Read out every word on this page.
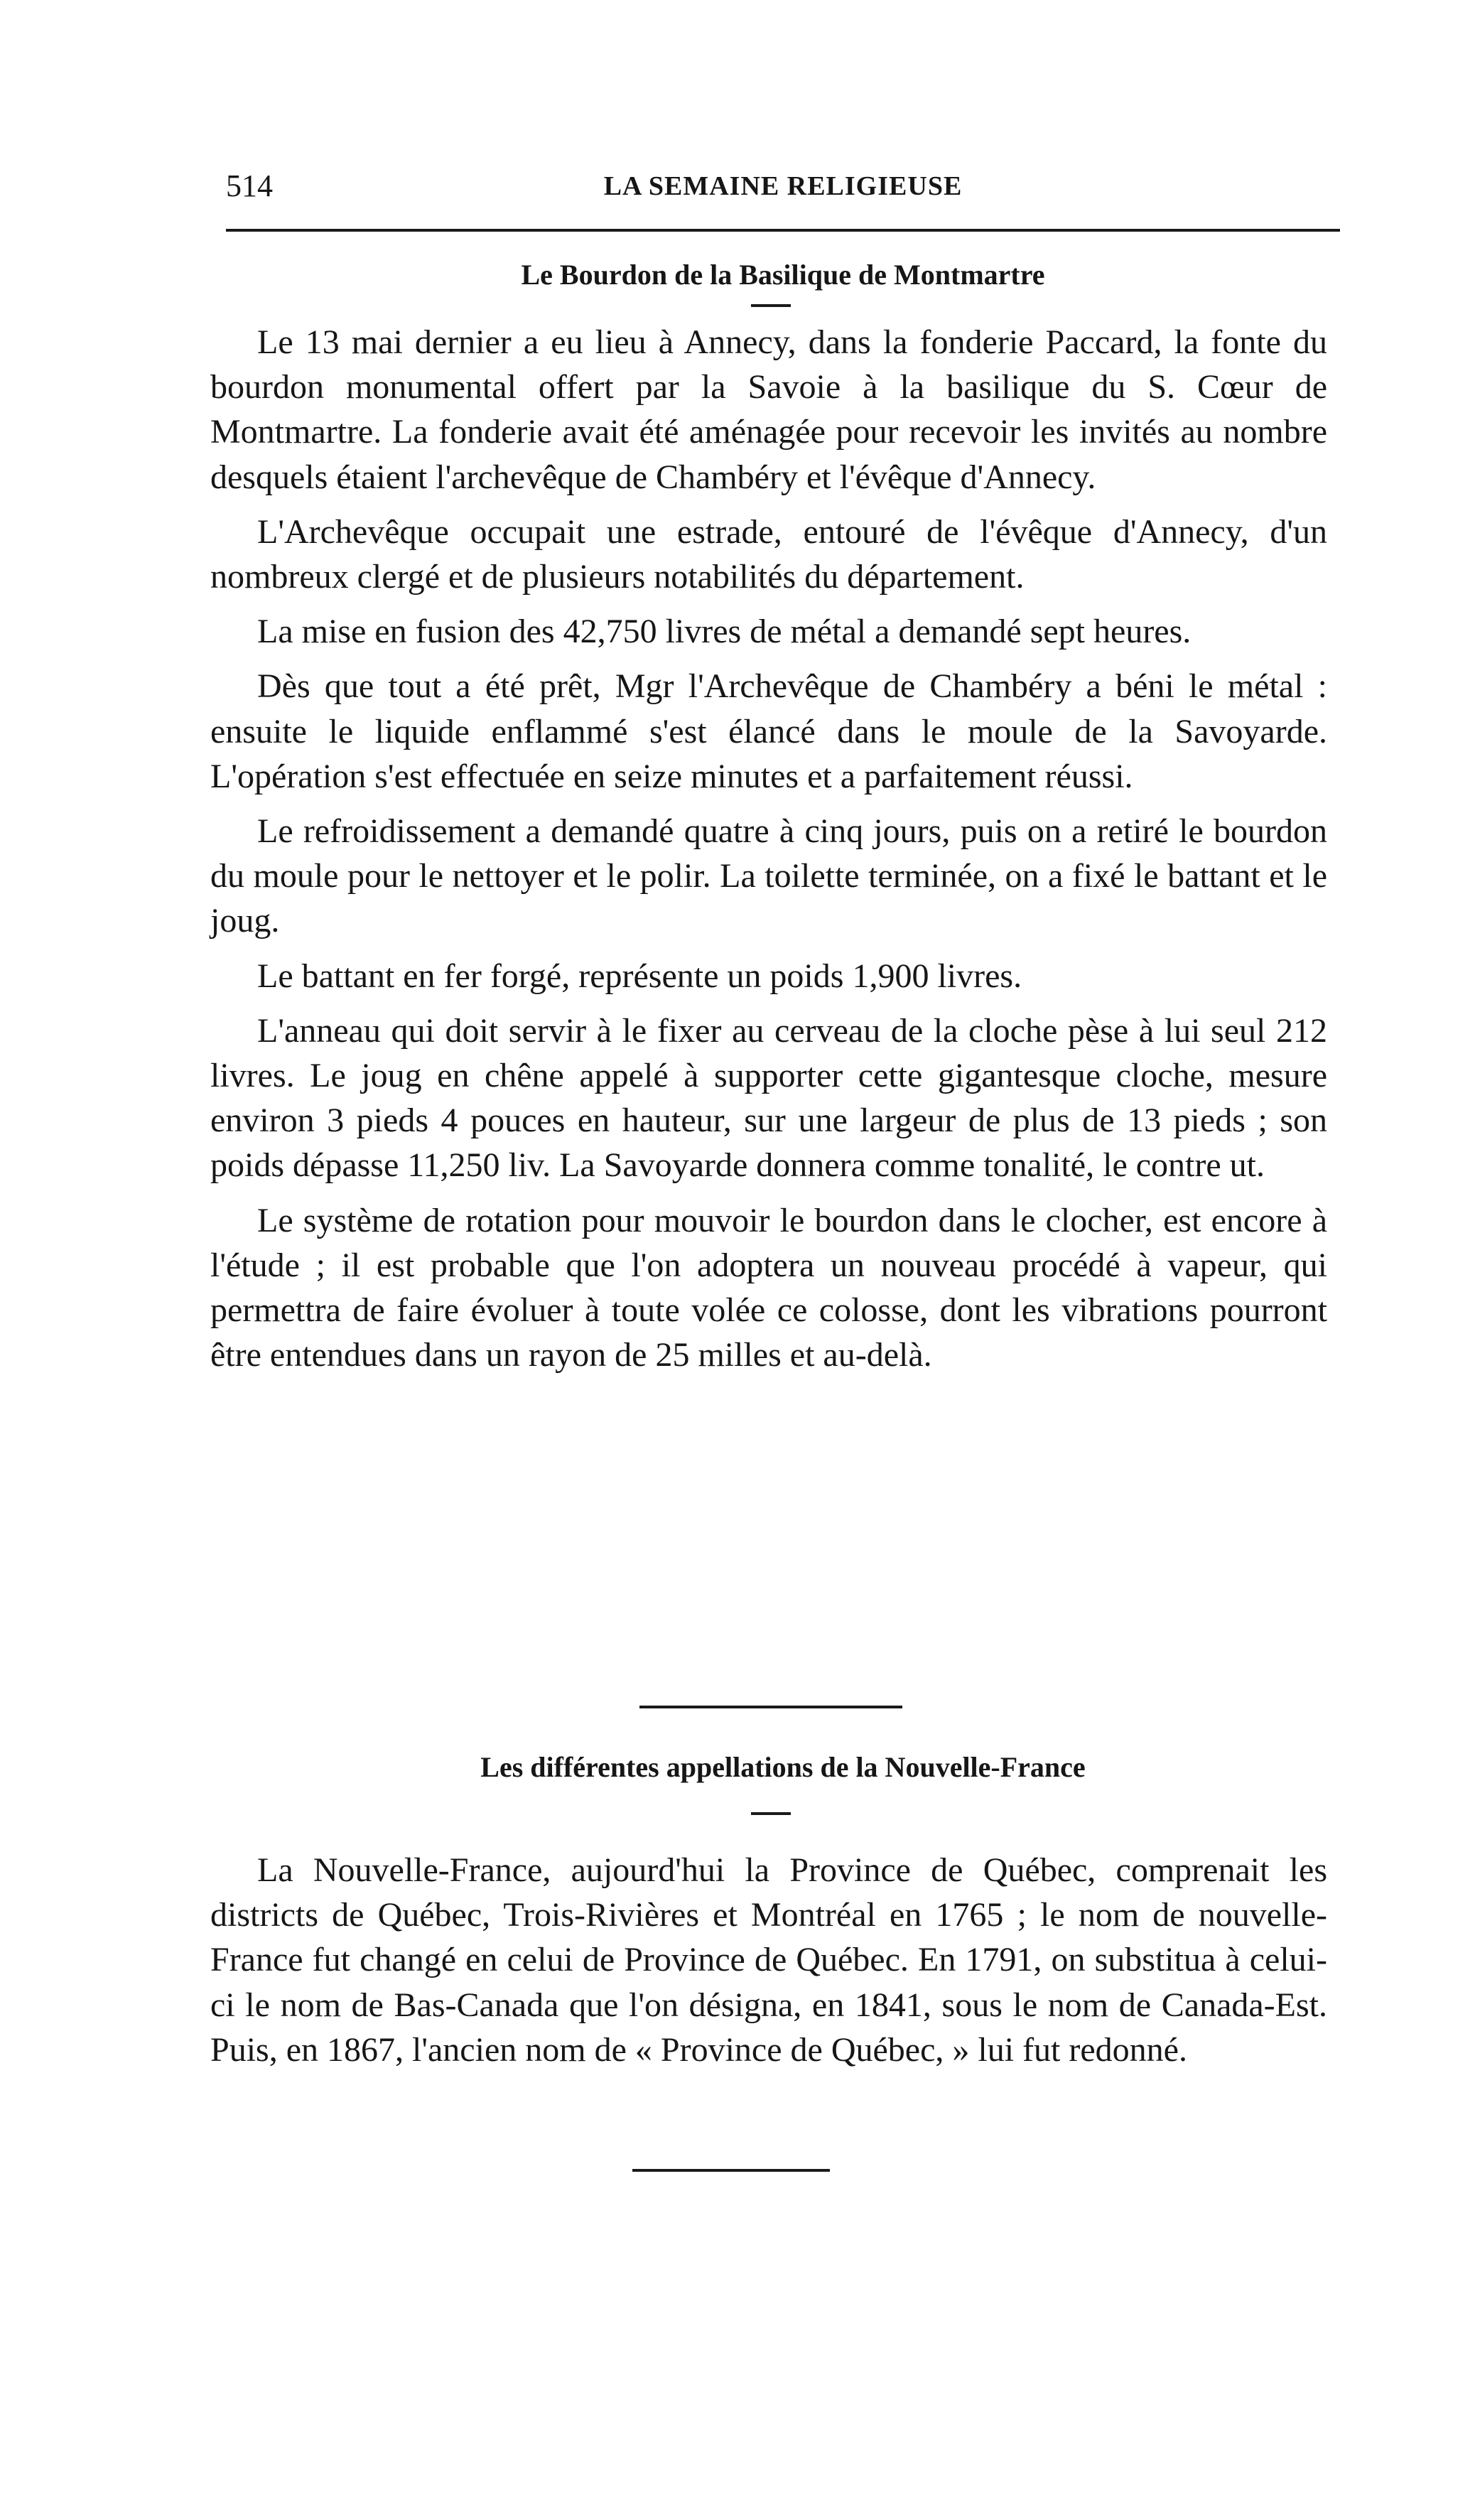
514	LA SEMAINE RELIGIEUSE
Le Bourdon de la Basilique de Montmartre

Le 13 mai dernier a eu lieu à Annecy, dans la fonderie Paccard, la fonte du bourdon monumental offert par la Savoie à la basilique du S. Cœur de Montmartre. La fonderie avait été aménagée pour recevoir les invités au nombre desquels étaient l'archevêque de Chambéry et l'évêque d'Annecy.

L'Archevêque occupait une estrade, entouré de l'évêque d'Annecy, d'un nombreux clergé et de plusieurs notabilités du département.

La mise en fusion des 42,750 livres de métal a demandé sept heures.

Dès que tout a été prêt, Mgr l'Archevêque de Chambéry a béni le métal : ensuite le liquide enflammé s'est élancé dans le moule de la Savoyarde. L'opération s'est effectuée en seize minutes et a parfaitement réussi.

Le refroidissement a demandé quatre à cinq jours, puis on a retiré le bourdon du moule pour le nettoyer et le polir. La toilette terminée, on a fixé le battant et le joug.

Le battant en fer forgé, représente un poids 1,900 livres.

L'anneau qui doit servir à le fixer au cerveau de la cloche pèse à lui seul 212 livres. Le joug en chêne appelé à supporter cette gigantesque cloche, mesure environ 3 pieds 4 pouces en hauteur, sur une largeur de plus de 13 pieds ; son poids dépasse 11,250 liv. La Savoyarde donnera comme tonalité, le contre ut.

Le système de rotation pour mouvoir le bourdon dans le clocher, est encore à l'étude ; il est probable que l'on adoptera un nouveau procédé à vapeur, qui permettra de faire évoluer à toute volée ce colosse, dont les vibrations pourront être entendues dans un rayon de 25 milles et au-delà.

Les différentes appellations de la Nouvelle-France

La Nouvelle-France, aujourd'hui la Province de Québec, comprenait les districts de Québec, Trois-Rivières et Montréal en 1765 ; le nom de nouvelle-France fut changé en celui de Province de Québec. En 1791, on substitua à celui-ci le nom de Bas-Canada que l'on désigna, en 1841, sous le nom de Canada-Est. Puis, en 1867, l'ancien nom de « Province de Québec, » lui fut redonné.
